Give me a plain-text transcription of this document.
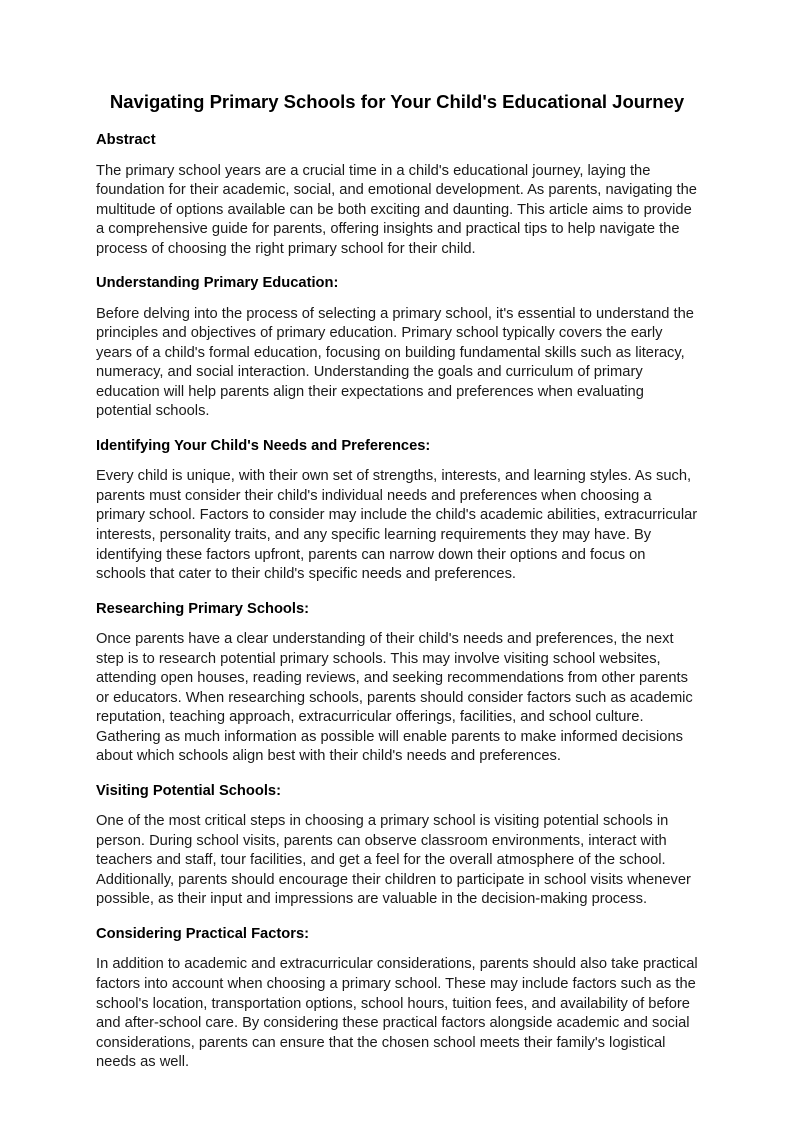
Navigating Primary Schools for Your Child's Educational Journey
Abstract

The primary school years are a crucial time in a child's educational journey, laying the foundation for their academic, social, and emotional development. As parents, navigating the multitude of options available can be both exciting and daunting. This article aims to provide a comprehensive guide for parents, offering insights and practical tips to help navigate the process of choosing the right primary school for their child.

Understanding Primary Education:

Before delving into the process of selecting a primary school, it's essential to understand the principles and objectives of primary education. Primary school typically covers the early years of a child's formal education, focusing on building fundamental skills such as literacy, numeracy, and social interaction. Understanding the goals and curriculum of primary education will help parents align their expectations and preferences when evaluating potential schools.

Identifying Your Child's Needs and Preferences:

Every child is unique, with their own set of strengths, interests, and learning styles. As such, parents must consider their child's individual needs and preferences when choosing a primary school. Factors to consider may include the child's academic abilities, extracurricular interests, personality traits, and any specific learning requirements they may have. By identifying these factors upfront, parents can narrow down their options and focus on schools that cater to their child's specific needs and preferences.

Researching Primary Schools:

Once parents have a clear understanding of their child's needs and preferences, the next step is to research potential primary schools. This may involve visiting school websites, attending open houses, reading reviews, and seeking recommendations from other parents or educators. When researching schools, parents should consider factors such as academic reputation, teaching approach, extracurricular offerings, facilities, and school culture. Gathering as much information as possible will enable parents to make informed decisions about which schools align best with their child's needs and preferences.

Visiting Potential Schools:

One of the most critical steps in choosing a primary school is visiting potential schools in person. During school visits, parents can observe classroom environments, interact with teachers and staff, tour facilities, and get a feel for the overall atmosphere of the school. Additionally, parents should encourage their children to participate in school visits whenever possible, as their input and impressions are valuable in the decision-making process.

Considering Practical Factors:

In addition to academic and extracurricular considerations, parents should also take practical factors into account when choosing a primary school. These may include factors such as the school's location, transportation options, school hours, tuition fees, and availability of before and after-school care. By considering these practical factors alongside academic and social considerations, parents can ensure that the chosen school meets their family's logistical needs as well.
